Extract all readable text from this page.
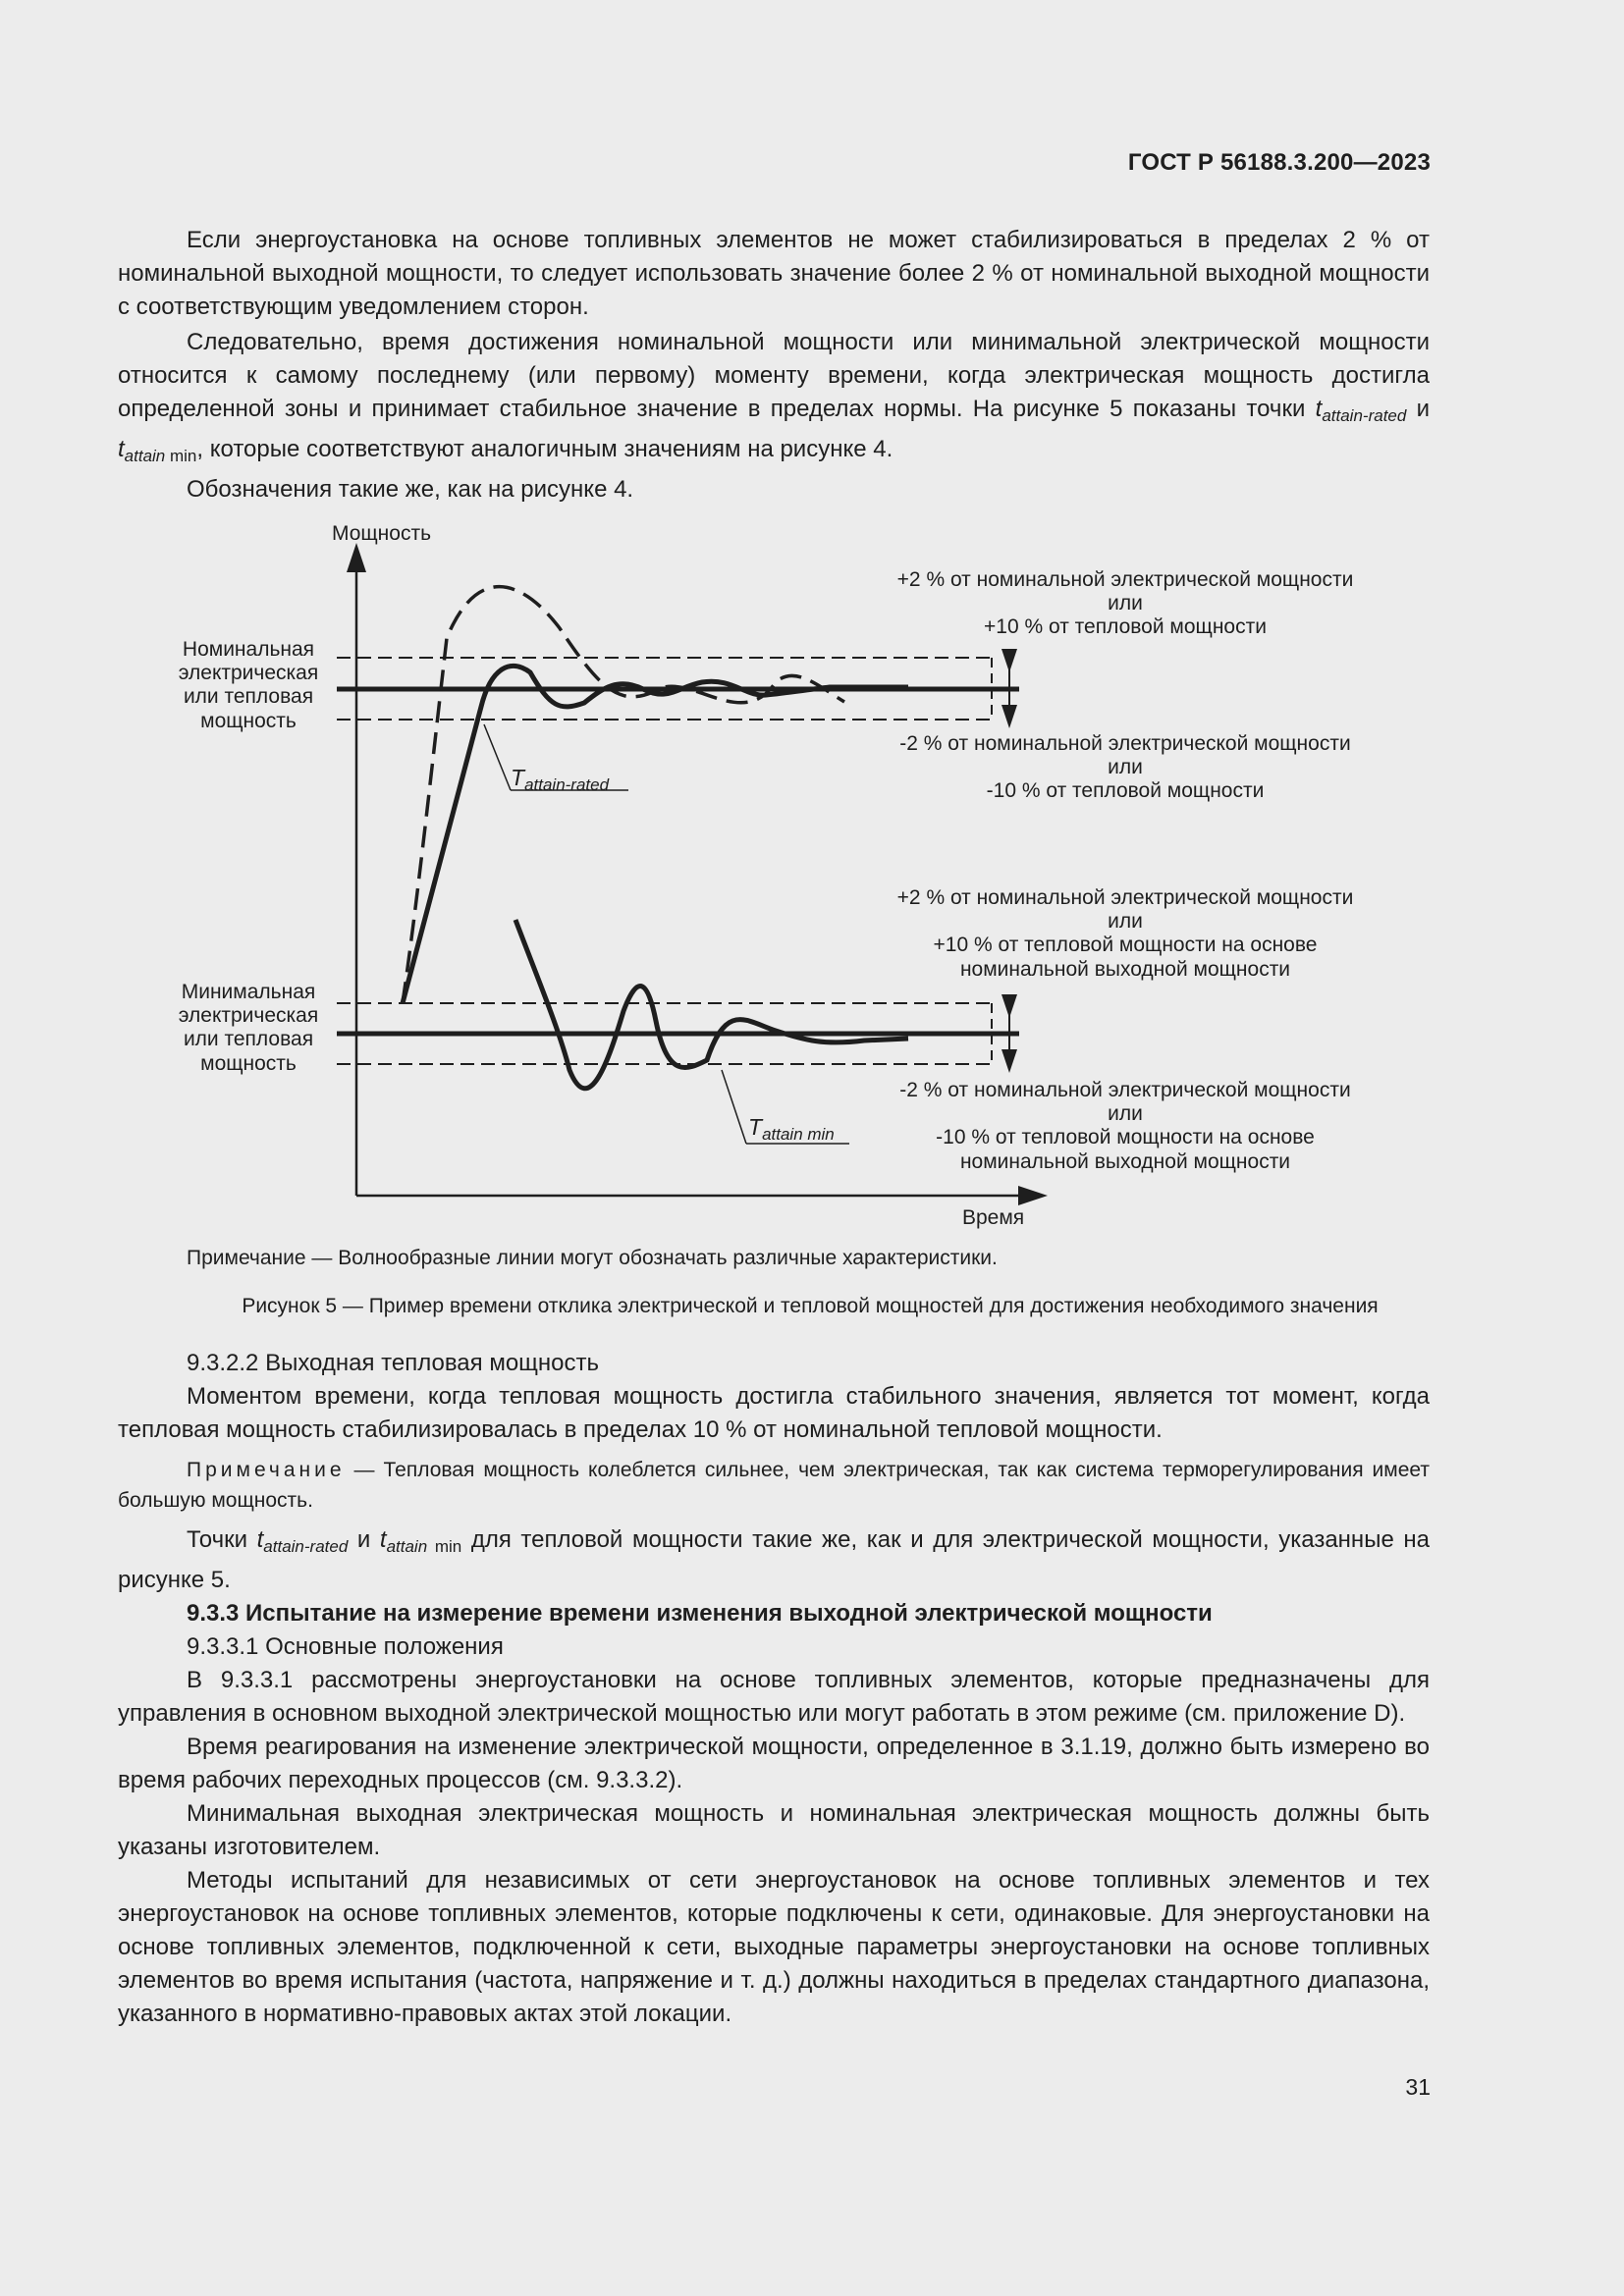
ГОСТ Р 56188.3.200—2023

Если энергоустановка на основе топливных элементов не может стабилизироваться в пределах 2 % от номинальной выходной мощности, то следует использовать значение более 2 % от номинальной выходной мощности с соответствующим уведомлением сторон.

Следовательно, время достижения номинальной мощности или минимальной электрической мощности относится к самому последнему (или первому) моменту времени, когда электрическая мощность достигла определенной зоны и принимает стабильное значение в пределах нормы. На рисунке 5 показаны точки $t_{attain-rated}$ и $t_{attain min}$, которые соответствуют аналогичным значениям на рисунке 4.

Обозначения такие же, как на рисунке 4.

Мощность
Время
Номинальная
электрическая
или тепловая
мощность
Минимальная
электрическая
или тепловая
мощность
+2 % от номинальной электрической мощности
или
+10 % от тепловой мощности
-2 % от номинальной электрической мощности
или
-10 % от тепловой мощности
+2 % от номинальной электрической мощности
или
+10 % от тепловой мощности на основе
номинальной выходной мощности
-2 % от номинальной электрической мощности
или
-10 % от тепловой мощности на основе
номинальной выходной мощности
$T_{attain-rated}$
$T_{attain min}$
Примечание — Волнообразные линии могут обозначать различные характеристики.
Рисунок 5 — Пример времени отклика электрической и тепловой мощностей для достижения необходимого значения

9.3.2.2 Выходная тепловая мощность

Моментом времени, когда тепловая мощность достигла стабильного значения, является тот момент, когда тепловая мощность стабилизировалась в пределах 10 % от номинальной тепловой мощности.

Примечание — Тепловая мощность колеблется сильнее, чем электрическая, так как система терморегулирования имеет большую мощность.

Точки $t_{attain-rated}$ и $t_{attain min}$ для тепловой мощности такие же, как и для электрической мощности, указанные на рисунке 5.

9.3.3 Испытание на измерение времени изменения выходной электрической мощности

9.3.3.1 Основные положения

В 9.3.3.1 рассмотрены энергоустановки на основе топливных элементов, которые предназначены для управления в основном выходной электрической мощностью или могут работать в этом режиме (см. приложение D).

Время реагирования на изменение электрической мощности, определенное в 3.1.19, должно быть измерено во время рабочих переходных процессов (см. 9.3.3.2).

Минимальная выходная электрическая мощность и номинальная электрическая мощность должны быть указаны изготовителем.

Методы испытаний для независимых от сети энергоустановок на основе топливных элементов и тех энергоустановок на основе топливных элементов, которые подключены к сети, одинаковые. Для энергоустановки на основе топливных элементов, подключенной к сети, выходные параметры энергоустановки на основе топливных элементов во время испытания (частота, напряжение и т. д.) должны находиться в пределах стандартного диапазона, указанного в нормативно-правовых актах этой локации.

31
